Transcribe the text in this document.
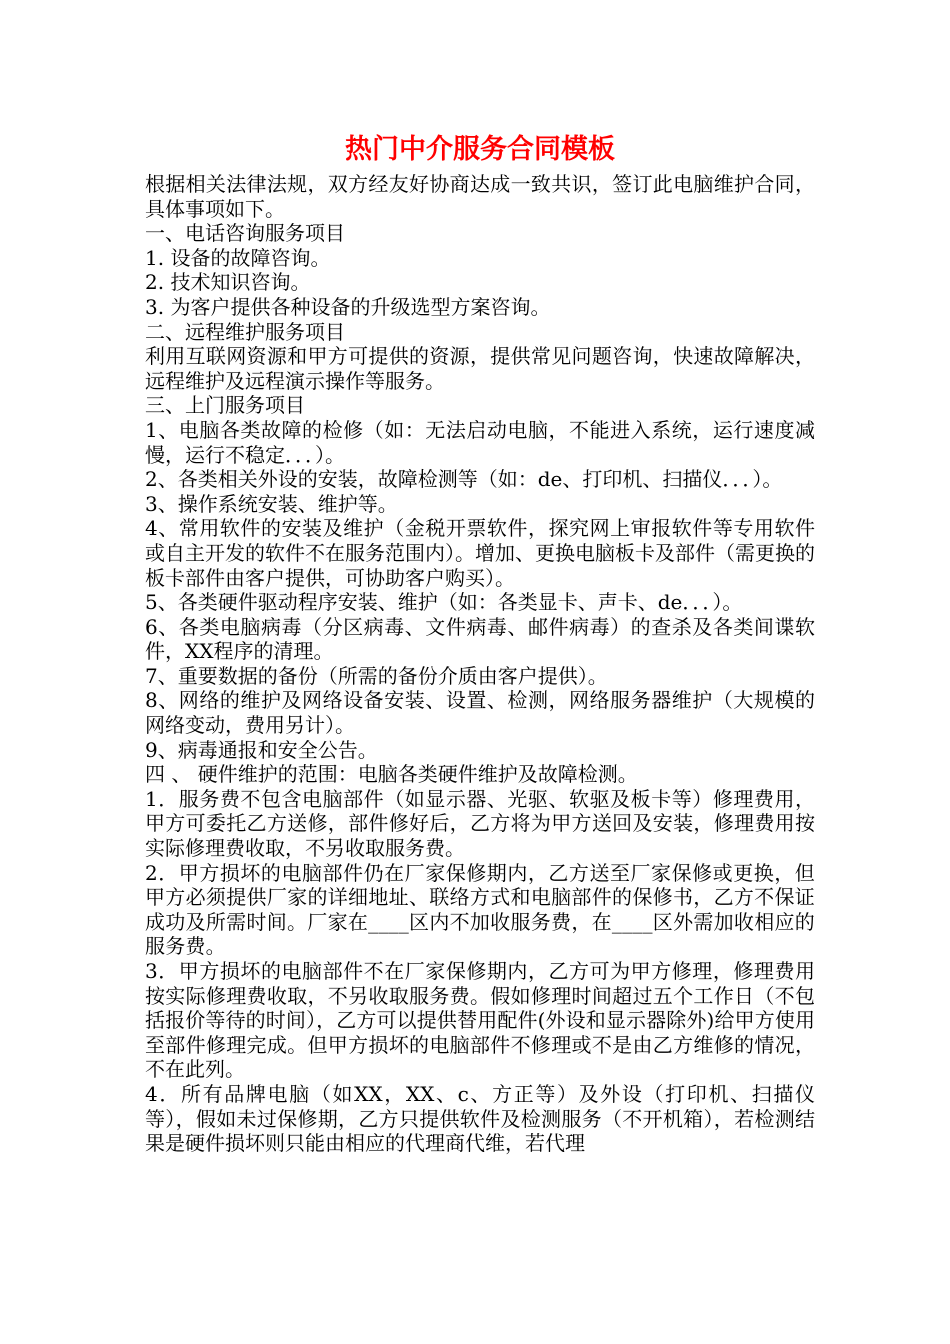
热门中介服务合同模板

根据相关法律法规，双方经友好协商达成一致共识，签订此电脑维护合同，具体事项如下。

一、电话咨询服务项目

1. 设备的故障咨询。

2. 技术知识咨询。

3. 为客户提供各种设备的升级选型方案咨询。

二、远程维护服务项目

利用互联网资源和甲方可提供的资源，提供常见问题咨询，快速故障解决，远程维护及远程演示操作等服务。

三、上门服务项目

1、电脑各类故障的检修（如：无法启动电脑，不能进入系统，运行速度减慢，运行不稳定．．．）。

2、各类相关外设的安装，故障检测等（如：de、打印机、扫描仪．．．）。

3、操作系统安装、维护等。

4、常用软件的安装及维护（金税开票软件，探究网上审报软件等专用软件或自主开发的软件不在服务范围内）。增加、更换电脑板卡及部件（需更换的板卡部件由客户提供，可协助客户购买）。

5、各类硬件驱动程序安装、维护（如：各类显卡、声卡、de．．．）。

6、各类电脑病毒（分区病毒、文件病毒、邮件病毒）的查杀及各类间谍软件，XX程序的清理。

7、重要数据的备份（所需的备份介质由客户提供）。

8、网络的维护及网络设备安装、设置、检测，网络服务器维护（大规模的网络变动，费用另计）。

9、病毒通报和安全公告。

四 、 硬件维护的范围：电脑各类硬件维护及故障检测。

1．服务费不包含电脑部件（如显示器、光驱、软驱及板卡等）修理费用，甲方可委托乙方送修，部件修好后，乙方将为甲方送回及安装，修理费用按实际修理费收取，不另收取服务费。

2．甲方损坏的电脑部件仍在厂家保修期内，乙方送至厂家保修或更换，但甲方必须提供厂家的详细地址、联络方式和电脑部件的保修书，乙方不保证成功及所需时间。厂家在____区内不加收服务费，在____区外需加收相应的服务费。

3．甲方损坏的电脑部件不在厂家保修期内，乙方可为甲方修理，修理费用按实际修理费收取，不另收取服务费。假如修理时间超过五个工作日（不包括报价等待的时间），乙方可以提供替用配件(外设和显示器除外)给甲方使用至部件修理完成。但甲方损坏的电脑部件不修理或不是由乙方维修的情况，不在此列。

4．所有品牌电脑（如XX，XX、c、方正等）及外设（打印机、扫描仪等），假如未过保修期，乙方只提供软件及检测服务（不开机箱），若检测结果是硬件损坏则只能由相应的代理商代维，若代理
